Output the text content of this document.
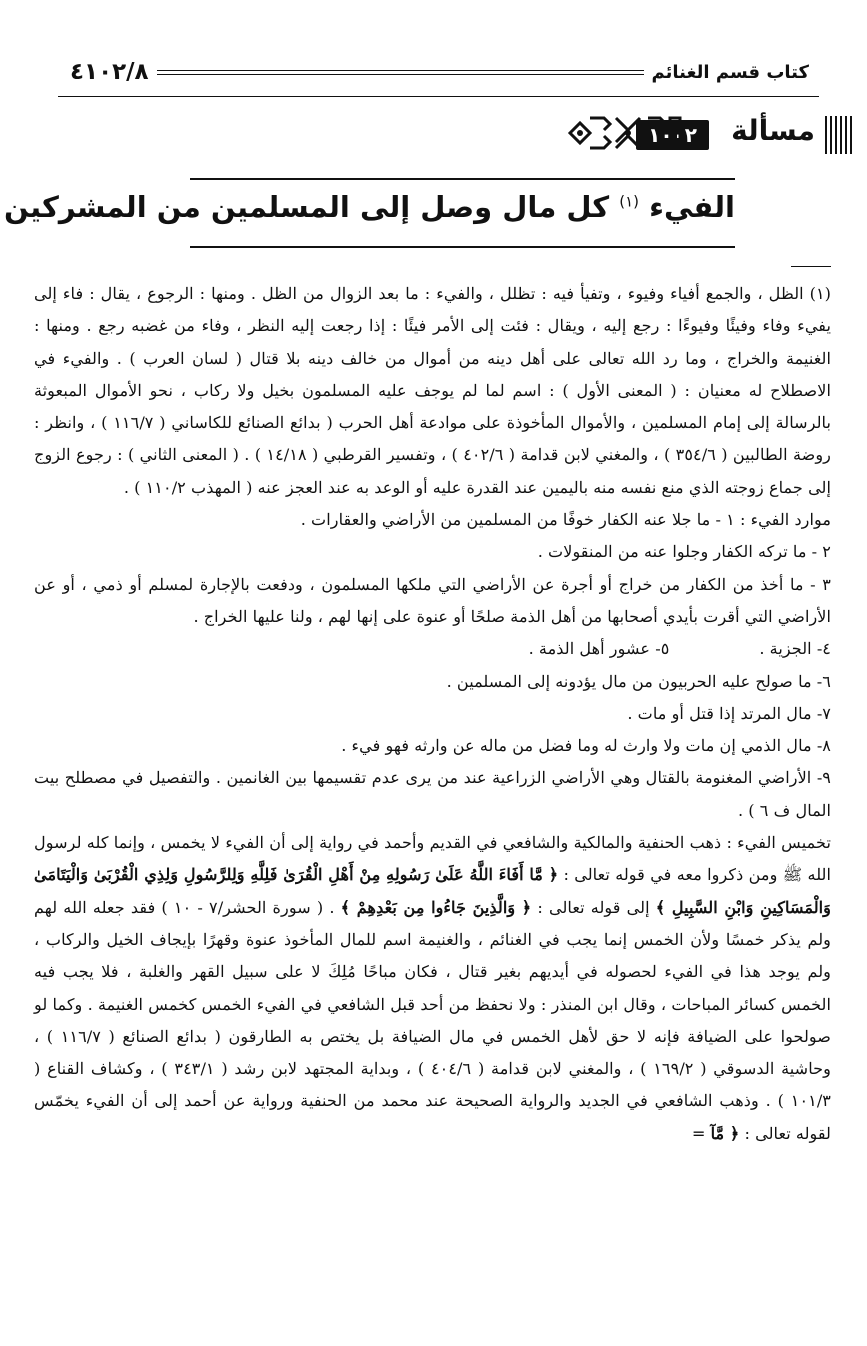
كتاب قسم الغنائم
٤١٠٢/٨
مسألة
١٠٠٢
الفيء $^{(١)}$ كل مال وصل إلى المسلمين من المشركين

(١) الظل ، والجمع أفياء وفيوء ، وتفيأ فيه : تظلل ، والفيء : ما بعد الزوال من الظل . ومنها : الرجوع ، يقال : فاء إلى يفيء وفاء وفيئًا وفيوءًا : رجع إليه ، ويقال : فئت إلى الأمر فيئًا : إذا رجعت إليه النظر ، وفاء من غضبه رجع . ومنها : الغنيمة والخراج ، وما رد الله تعالى على أهل دينه من أموال من خالف دينه بلا قتال ( لسان العرب ) . والفيء في الاصطلاح له معنيان : ( المعنى الأول ) : اسم لما لم يوجف عليه المسلمون بخيل ولا ركاب ، نحو الأموال المبعوثة بالرسالة إلى إمام المسلمين ، والأموال المأخوذة على موادعة أهل الحرب ( بدائع الصنائع للكاساني ( ١١٦/٧ ) ، وانظر : روضة الطالبين ( ٣٥٤/٦ ) ، والمغني لابن قدامة ( ٤٠٢/٦ ) ، وتفسير القرطبي ( ١٤/١٨ ) . ( المعنى الثاني ) : رجوع الزوج إلى جماع زوجته الذي منع نفسه منه باليمين عند القدرة عليه أو الوعد به عند العجز عنه ( المهذب ١١٠/٢ ) .

موارد الفيء : ١ - ما جلا عنه الكفار خوفًا من المسلمين من الأراضي والعقارات .

٢ - ما تركه الكفار وجلوا عنه من المنقولات .

٣ - ما أخذ من الكفار من خراج أو أجرة عن الأراضي التي ملكها المسلمون ، ودفعت بالإجارة لمسلم أو ذمي ، أو عن الأراضي التي أقرت بأيدي أصحابها من أهل الذمة صلحًا أو عنوة على إنها لهم ، ولنا عليها الخراج .

٤- الجزية .
٥- عشور أهل الذمة .

٦- ما صولح عليه الحربيون من مال يؤدونه إلى المسلمين .

٧- مال المرتد إذا قتل أو مات .

٨- مال الذمي إن مات ولا وارث له وما فضل من ماله عن وارثه فهو فيء .

٩- الأراضي المغنومة بالقتال وهي الأراضي الزراعية عند من يرى عدم تقسيمها بين الغانمين . والتفصيل في مصطلح بيت المال ف ٦ ) .

تخميس الفيء : ذهب الحنفية والمالكية والشافعي في القديم وأحمد في رواية إلى أن الفيء لا يخمس ، وإنما كله لرسول الله ﷺ ومن ذكروا معه في قوله تعالى : ﴿ مَّا أَفَاءَ اللَّهُ عَلَىٰ رَسُولِهِ مِنْ أَهْلِ الْقُرَىٰ فَلِلَّهِ وَلِلرَّسُولِ وَلِذِي الْقُرْبَىٰ وَالْيَتَامَىٰ وَالْمَسَاكِينِ وَابْنِ السَّبِيلِ ﴾ إلى قوله تعالى : ﴿ وَالَّذِينَ جَاءُوا مِن بَعْدِهِمْ ﴾ . ( سورة الحشر/٧ - ١٠ ) فقد جعله الله لهم ولم يذكر خمسًا ولأن الخمس إنما يجب في الغنائم ، والغنيمة اسم للمال المأخوذ عنوة وقهرًا بإيجاف الخيل والركاب ، ولم يوجد هذا في الفيء لحصوله في أيديهم بغير قتال ، فكان مباحًا مُلِكَ لا على سبيل القهر والغلبة ، فلا يجب فيه الخمس كسائر المباحات ، وقال ابن المنذر : ولا نحفظ من أحد قبل الشافعي في الفيء الخمس كخمس الغنيمة . وكما لو صولحوا على الضيافة فإنه لا حق لأهل الخمس في مال الضيافة بل يختص به الطارقون ( بدائع الصنائع ( ١١٦/٧ ) ، وحاشية الدسوقي ( ١٦٩/٢ ) ، والمغني لابن قدامة ( ٤٠٤/٦ ) ، وبداية المجتهد لابن رشد ( ٣٤٣/١ ) ، وكشاف القناع ( ١٠١/٣ ) . وذهب الشافعي في الجديد والرواية الصحيحة عند محمد من الحنفية ورواية عن أحمد إلى أن الفيء يخمّس لقوله تعالى : ﴿ مَّآ =
